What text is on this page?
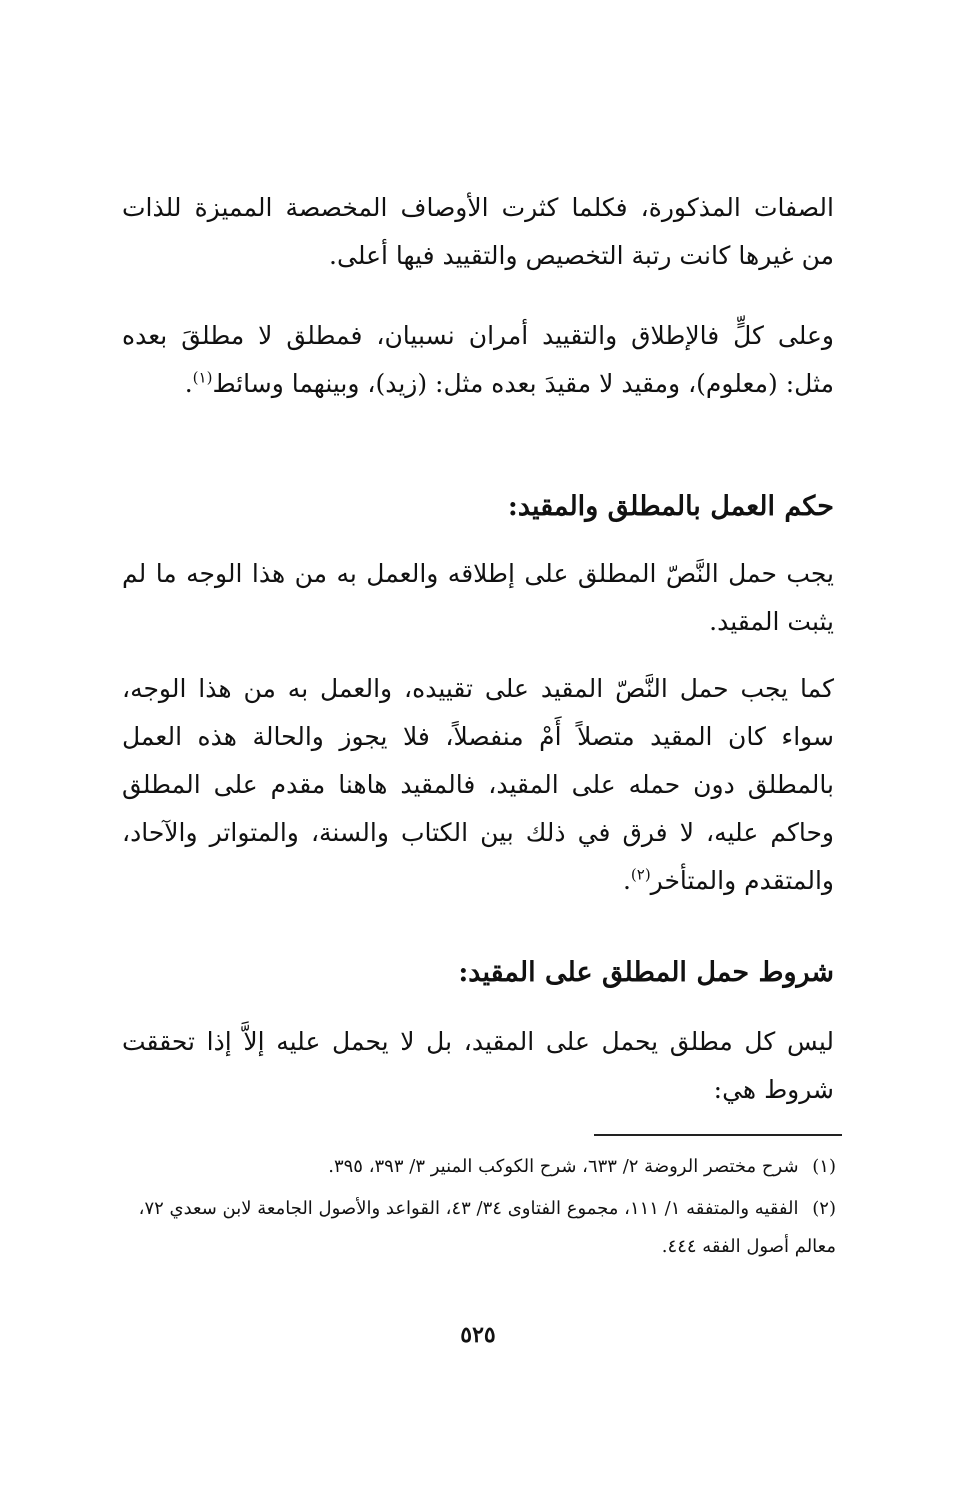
الصفات المذكورة، فكلما كثرت الأوصاف المخصصة المميزة للذات من غيرها كانت رتبة التخصيص والتقييد فيها أعلى.

وعلى كلٍّ فالإطلاق والتقييد أمران نسبيان، فمطلق لا مطلقَ بعده مثل: (معلوم)، ومقيد لا مقيدَ بعده مثل: (زيد)، وبينهما وسائط$^{(١)}$.

حكم العمل بالمطلق والمقيد:

يجب حمل النَّصّ المطلق على إطلاقه والعمل به من هذا الوجه ما لم يثبت المقيد.

كما يجب حمل النَّصّ المقيد على تقييده، والعمل به من هذا الوجه، سواء كان المقيد متصلاً أَمْ منفصلاً، فلا يجوز والحالة هذه العمل بالمطلق دون حمله على المقيد، فالمقيد هاهنا مقدم على المطلق وحاكم عليه، لا فرق في ذلك بين الكتاب والسنة، والمتواتر والآحاد، والمتقدم والمتأخر$^{(٢)}$.

شروط حمل المطلق على المقيد:

ليس كل مطلق يحمل على المقيد، بل لا يحمل عليه إلاَّ إذا تحققت شروط هي:

(١) شرح مختصر الروضة ٢/ ٦٣٣، شرح الكوكب المنير ٣/ ٣٩٣، ٣٩٥.

(٢) الفقيه والمتفقه ١/ ١١١، مجموع الفتاوى ٣٤/ ٤٣، القواعد والأصول الجامعة لابن سعدي ٧٢، معالم أصول الفقه ٤٤٤.

٥٢٥
